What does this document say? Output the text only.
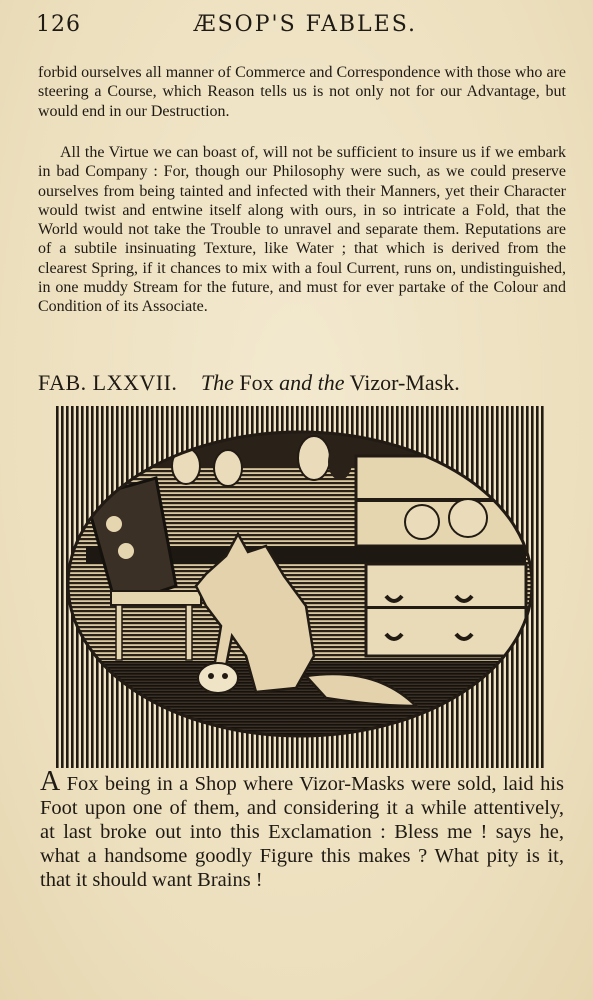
126	ÆSOP'S FABLES.

forbid ourselves all manner of Commerce and Correspondence with those who are steering a Course, which Reason tells us is not only not for our Advantage, but would end in our Destruction.

All the Virtue we can boast of, will not be sufficient to insure us if we embark in bad Company : For, though our Philosophy were such, as we could preserve ourselves from being tainted and infected with their Manners, yet their Character would twist and entwine itself along with ours, in so intricate a Fold, that the World would not take the Trouble to unravel and separate them. Reputations are of a subtile insinuating Texture, like Water ; that which is derived from the clearest Spring, if it chances to mix with a foul Current, runs on, undistinguished, in one muddy Stream for the future, and must for ever partake of the Colour and Condition of its Associate.

FAB. LXXVII. The Fox and the Vizor-Mask.

A Fox being in a Shop where Vizor-Masks were sold, laid his Foot upon one of them, and considering it a while attentively, at last broke out into this Exclamation : Bless me ! says he, what a handsome goodly Figure this makes ? What pity is it, that it should want Brains !
